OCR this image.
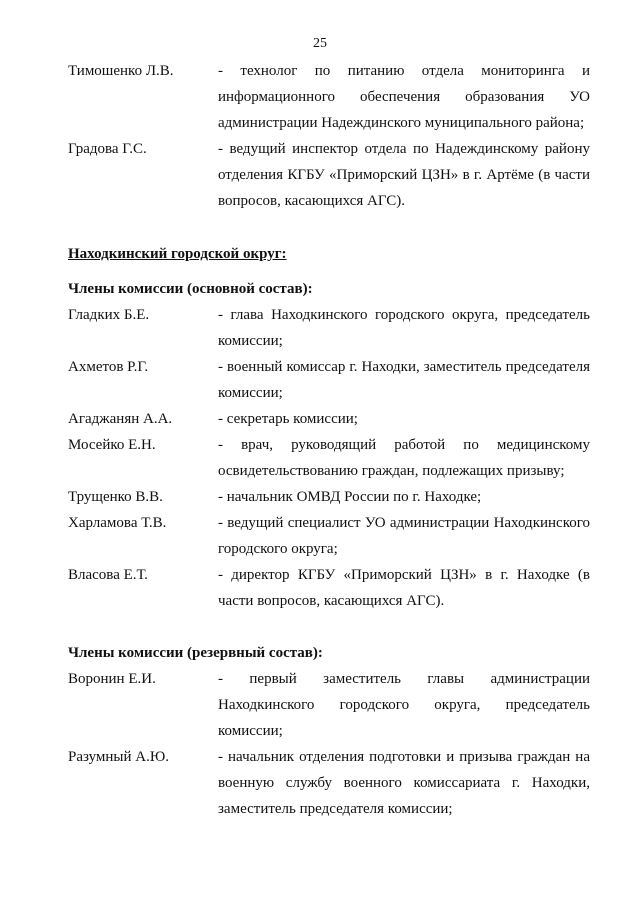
25
Тимошенко Л.В.	- технолог по питанию отдела мониторинга и информационного обеспечения образования УО администрации Надеждинского муниципального района;
Градова Г.С.	- ведущий инспектор отдела по Надеждинскому району отделения КГБУ «Приморский ЦЗН» в г. Артёме (в части вопросов, касающихся АГС).
Находкинский городской округ:
Члены комиссии (основной состав):
Гладких Б.Е.	- глава Находкинского городского округа, председатель комиссии;
Ахметов Р.Г.	- военный комиссар г. Находки, заместитель председателя комиссии;
Агаджанян А.А.	- секретарь комиссии;
Мосейко Е.Н.	- врач, руководящий работой по медицинскому освидетельствованию граждан, подлежащих призыву;
Трущенко В.В.	- начальник ОМВД России по г. Находке;
Харламова Т.В.	- ведущий специалист УО администрации Находкинского городского округа;
Власова Е.Т.	- директор КГБУ «Приморский ЦЗН» в г. Находке (в части вопросов, касающихся АГС).
Члены комиссии (резервный состав):
Воронин Е.И.	- первый заместитель главы администрации Находкинского городского округа, председатель комиссии;
Разумный А.Ю.	- начальник отделения подготовки и призыва граждан на военную службу военного комиссариата г. Находки, заместитель председателя комиссии;
